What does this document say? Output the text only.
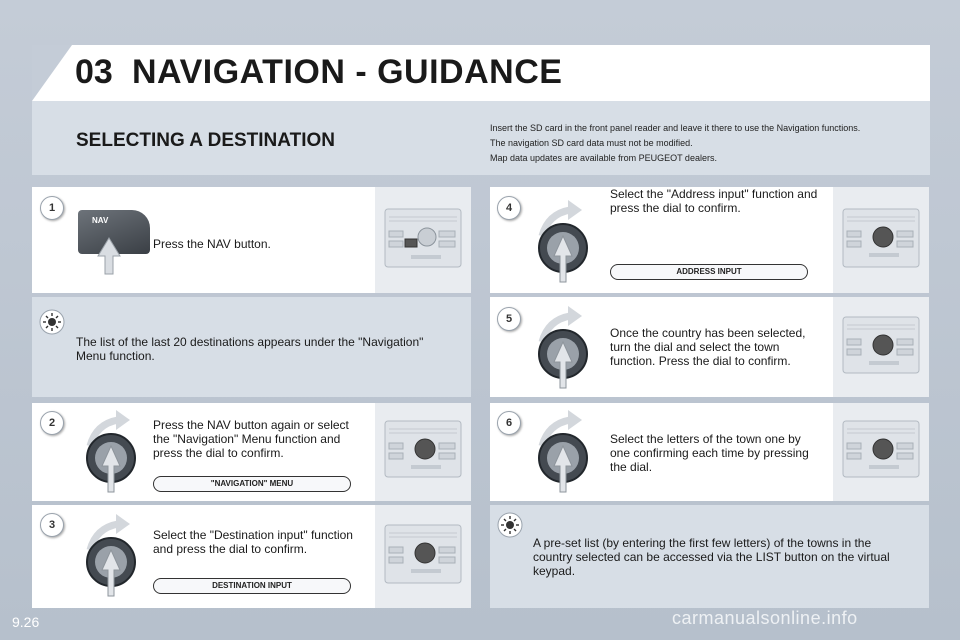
03 NAVIGATION - GUIDANCE
SELECTING A DESTINATION
Insert the SD card in the front panel reader and leave it there to use the Navigation functions.
The navigation SD card data must not be modified.
Map data updates are available from PEUGEOT dealers.
1
NAV
Press the NAV button.
The list of the last 20 destinations appears under the "Navigation" Menu function.
2	Press the NAV button again or select the "Navigation" Menu function and press the dial to confirm.
"NAVIGATION" MENU
3
Select the "Destination input" function and press the dial to confirm.
DESTINATION INPUT
4
Select the "Address input" function and press the dial to confirm.
ADDRESS INPUT
5
Once the country has been selected, turn the dial and select the town function. Press the dial to confirm.
6
Select the letters of the town one by one confirming each time by pressing the dial.
A pre-set list (by entering the first few letters) of the towns in the country selected can be accessed via the LIST button on the virtual keypad.
9.26	carmanualsonline.info
